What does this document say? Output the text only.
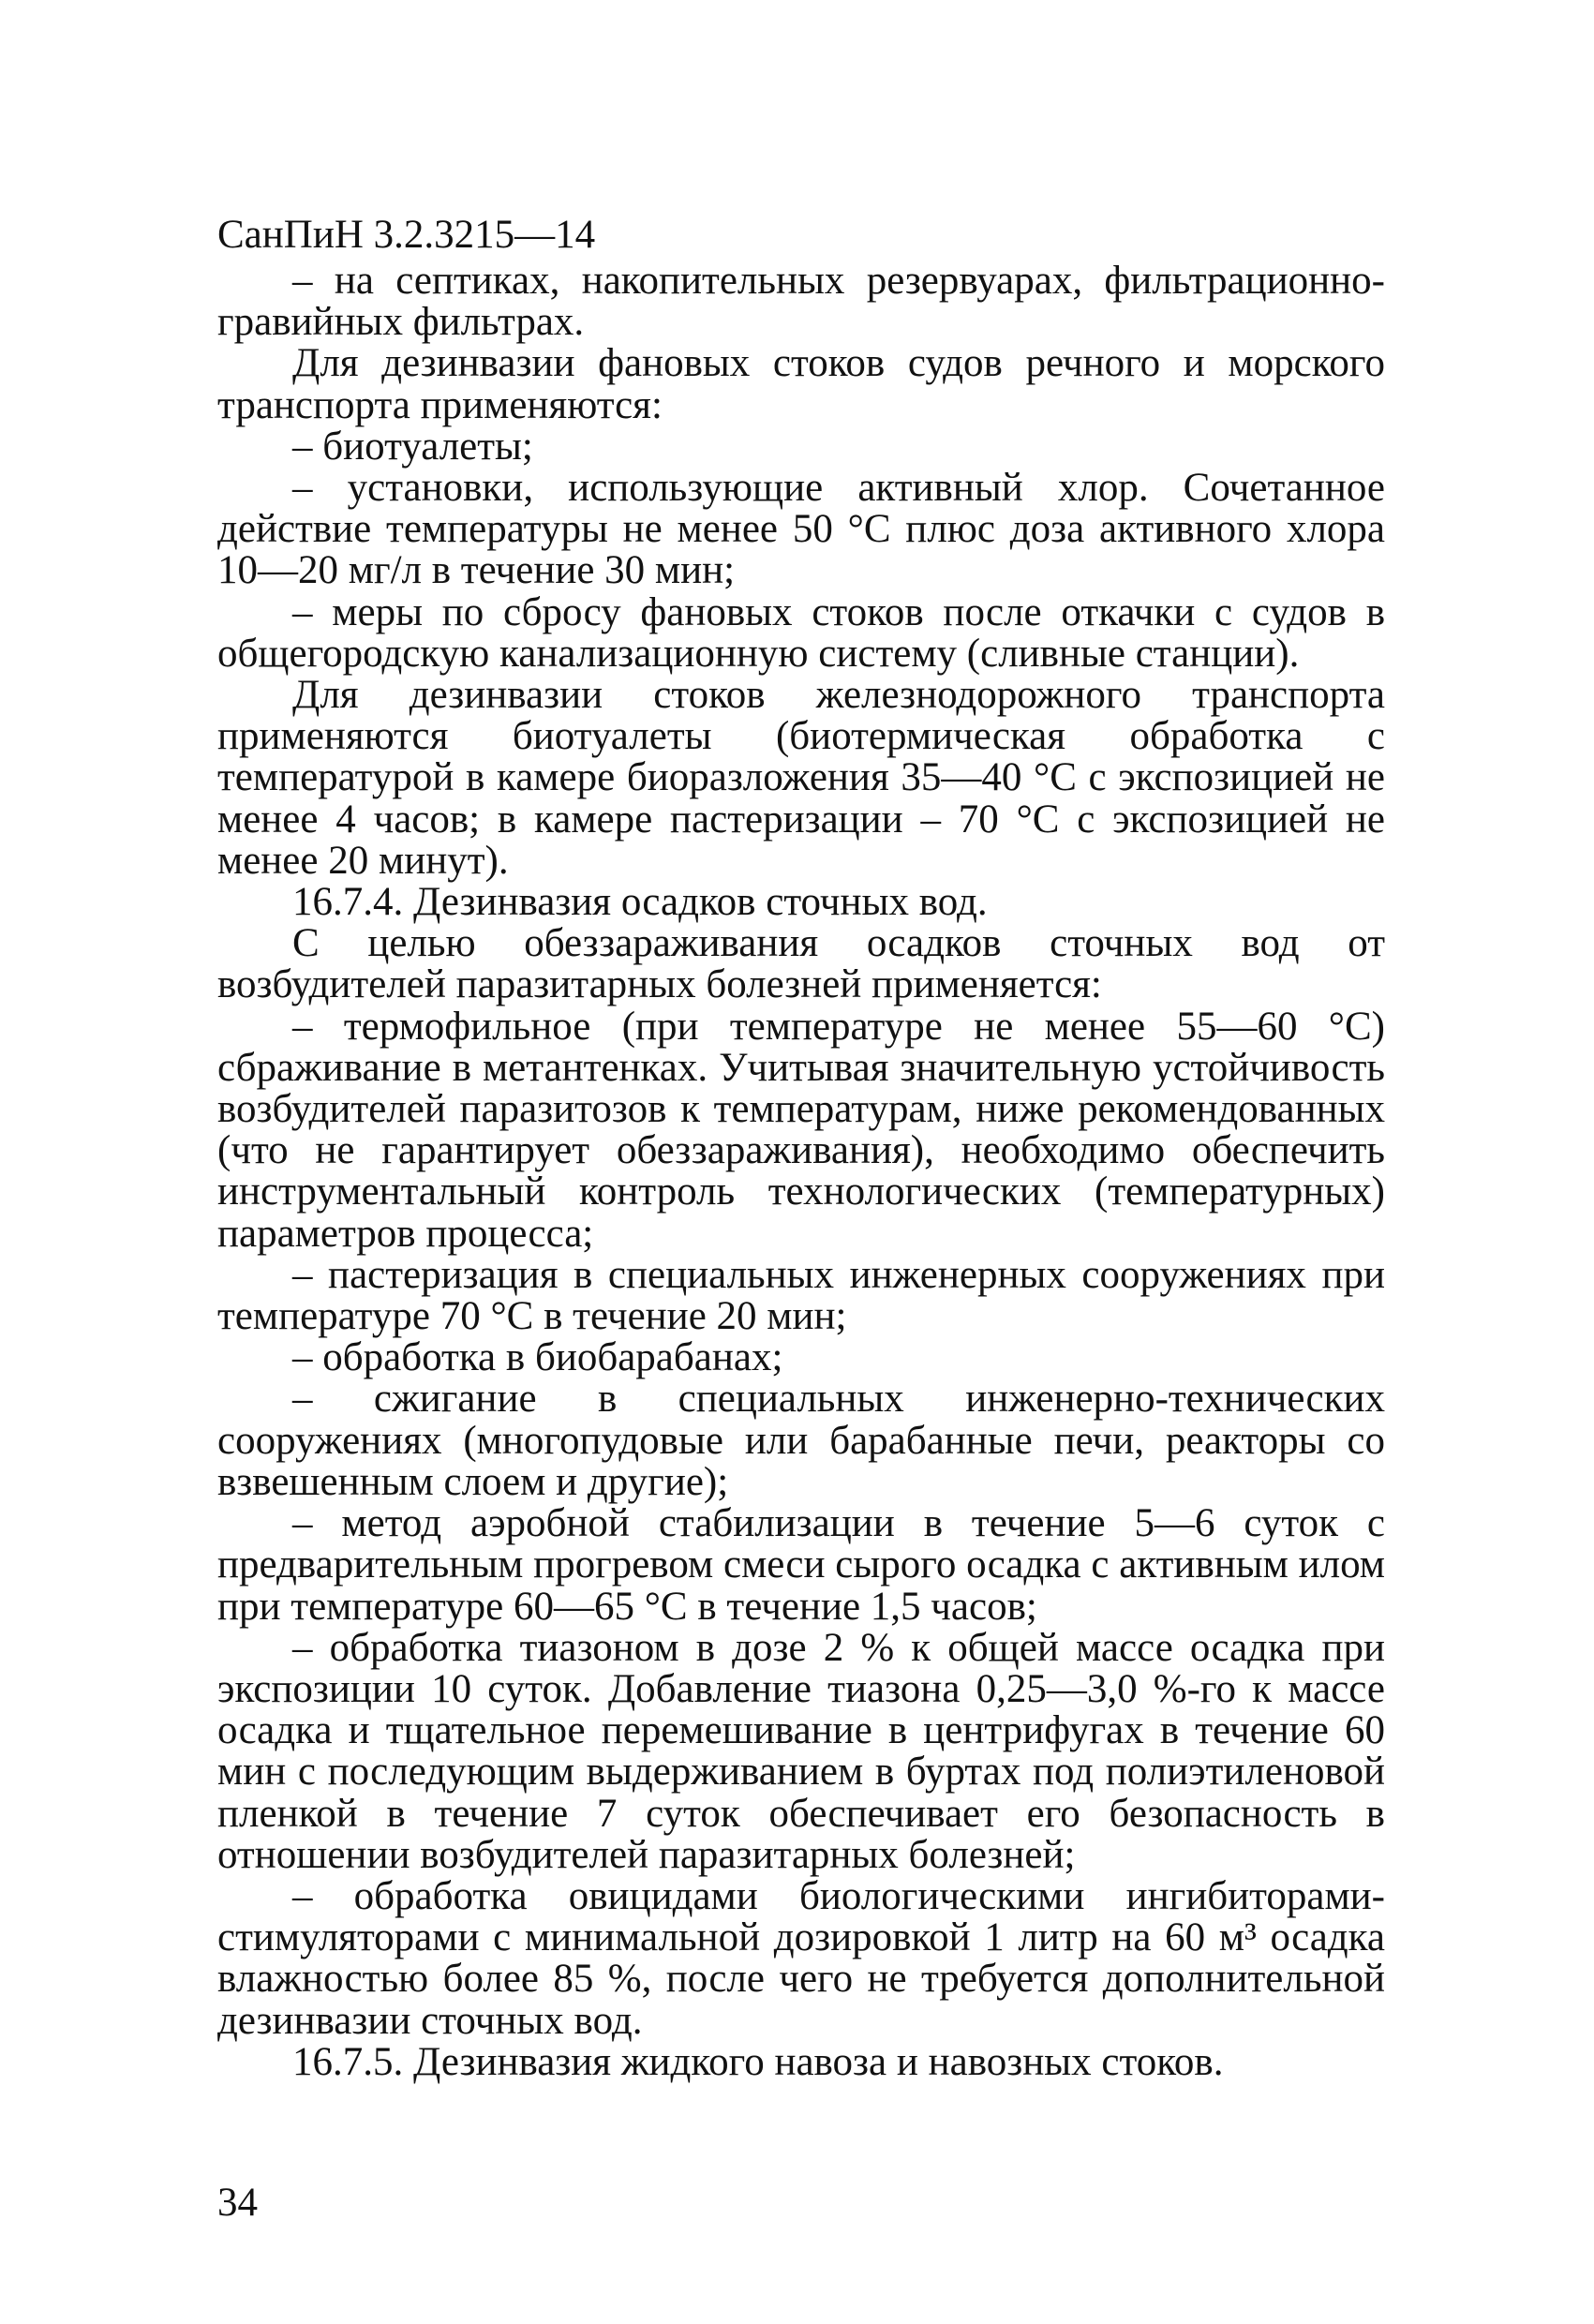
СанПиН 3.2.3215—14

– на септиках, накопительных резервуарах, фильтрационно-гравийных фильтрах.

Для дезинвазии фановых стоков судов речного и морского транспорта применяются:

– биотуалеты;

– установки, использующие активный хлор. Сочетанное действие температуры не менее 50 °С плюс доза активного хлора 10—20 мг/л в течение 30 мин;

– меры по сбросу фановых стоков после откачки с судов в общегородскую канализационную систему (сливные станции).

Для дезинвазии стоков железнодорожного транспорта применяются биотуалеты (биотермическая обработка с температурой в камере биоразложения 35—40 °С с экспозицией не менее 4 часов; в камере пастеризации – 70 °С с экспозицией не менее 20 минут).

16.7.4. Дезинвазия осадков сточных вод.

С целью обеззараживания осадков сточных вод от возбудителей паразитарных болезней применяется:

– термофильное (при температуре не менее 55—60 °С) сбраживание в метантенках. Учитывая значительную устойчивость возбудителей паразитозов к температурам, ниже рекомендованных (что не гарантирует обеззараживания), необходимо обеспечить инструментальный контроль технологических (температурных) параметров процесса;

– пастеризация в специальных инженерных сооружениях при температуре 70 °С в течение 20 мин;

– обработка в биобарабанах;

– сжигание в специальных инженерно-технических сооружениях (многопудовые или барабанные печи, реакторы со взвешенным слоем и другие);

– метод аэробной стабилизации в течение 5—6 суток с предварительным прогревом смеси сырого осадка с активным илом при температуре 60—65 °С в течение 1,5 часов;

– обработка тиазоном в дозе 2 % к общей массе осадка при экспозиции 10 суток. Добавление тиазона 0,25—3,0 %-го к массе осадка и тщательное перемешивание в центрифугах в течение 60 мин с последующим выдерживанием в буртах под полиэтиленовой пленкой в течение 7 суток обеспечивает его безопасность в отношении возбудителей паразитарных болезней;

– обработка овицидами биологическими ингибиторами-стимуляторами с минимальной дозировкой 1 литр на 60 м³ осадка влажностью более 85 %, после чего не требуется дополнительной дезинвазии сточных вод.

16.7.5. Дезинвазия жидкого навоза и навозных стоков.

34
